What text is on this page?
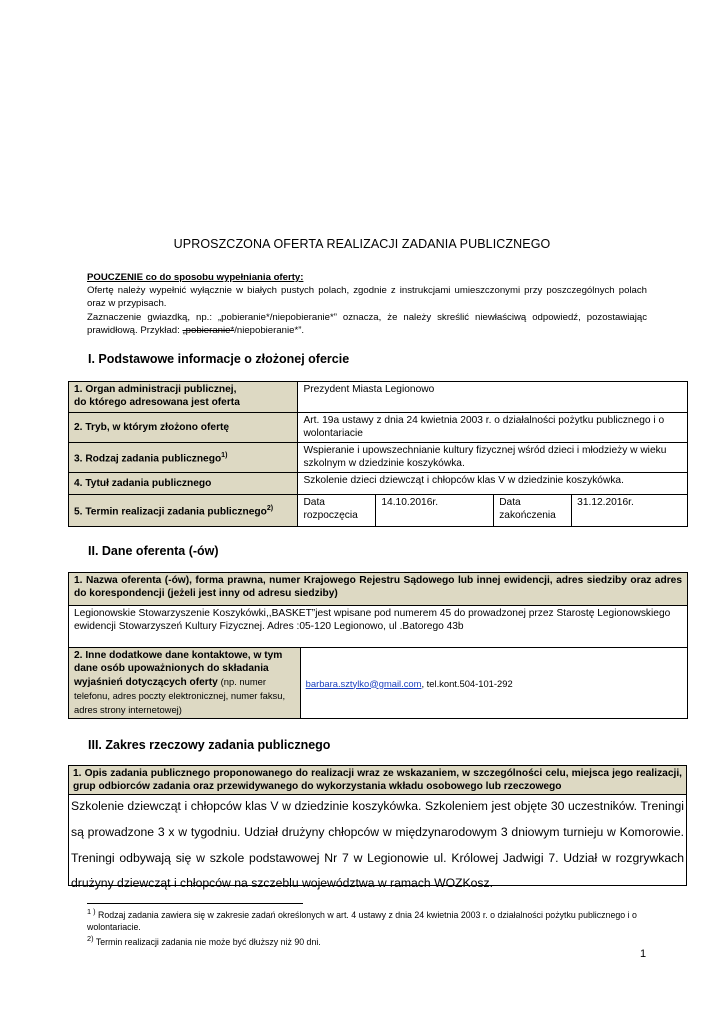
UPROSZCZONA OFERTA REALIZACJI ZADANIA PUBLICZNEGO

POUCZENIE co do sposobu wypełniania oferty:

Ofertę należy wypełnić wyłącznie w białych pustych polach, zgodnie z instrukcjami umieszczonymi przy poszczególnych polach oraz w przypisach.

Zaznaczenie gwiazdką, np.: „pobieranie*/niepobieranie*” oznacza, że należy skreślić niewłaściwą odpowiedź, pozostawiając prawidłową. Przykład: „pobieranie*/niepobieranie*”.

I. Podstawowe informacje o złożonej ofercie
1. Organ administracji publicznej,
do którego adresowana jest oferta	Prezydent Miasta Legionowo			
2. Tryb, w którym złożono ofertę	Art. 19a ustawy z dnia 24 kwietnia 2003 r. o działalności pożytku publicznego i o wolontariacie			
3. Rodzaj zadania publicznego$^{1)}$	Wspieranie i upowszechnianie kultury fizycznej wśród dzieci i młodzieży w wieku szkolnym w dziedzinie koszykówka.			
4. Tytuł zadania publicznego	Szkolenie dzieci dziewcząt i chłopców klas V w dziedzinie koszykówka.			
5. Termin realizacji zadania publicznego$^{2)}$	Data rozpoczęcia	14.10.2016r.	Data zakończenia	31.12.2016r.
II. Dane oferenta (-ów)
1. Nazwa oferenta (-ów), forma prawna, numer Krajowego Rejestru Sądowego lub innej ewidencji, adres siedziby oraz adres do korespondencji (jeżeli jest inny od adresu siedziby)
Legionowskie Stowarzyszenie Koszykówki,,BASKET”jest wpisane pod numerem 45 do prowadzonej przez Starostę Legionowskiego ewidencji Stowarzyszeń Kultury Fizycznej. Adres :05-120 Legionowo, ul .Batorego 43b
2. Inne dodatkowe dane kontaktowe, w tym dane osób upoważnionych do składania wyjaśnień dotyczących oferty (np. numer telefonu, adres poczty elektronicznej, numer faksu, adres strony internetowej)	barbara.sztylko@gmail.com, tel.kont.504-101-292
III. Zakres rzeczowy zadania publicznego
1. Opis zadania publicznego proponowanego do realizacji wraz ze wskazaniem, w szczególności celu, miejsca jego realizacji, grup odbiorców zadania oraz przewidywanego do wykorzystania wkładu osobowego lub rzeczowego
Szkolenie dziewcząt i chłopców klas V w dziedzinie koszykówka. Szkoleniem jest objęte 30 uczestników. Treningi są prowadzone 3 x w tygodniu. Udział drużyny chłopców w międzynarodowym 3 dniowym turnieju w Komorowie. Treningi odbywają się w szkole podstawowej Nr 7 w Legionowie ul. Królowej Jadwigi 7. Udział w rozgrywkach drużyny dziewcząt i chłopców na szczeblu województwa w ramach WOZKosz.
$^{1 )}$ Rodzaj zadania zawiera się w zakresie zadań określonych w art. 4 ustawy z dnia 24 kwietnia 2003 r. o działalności pożytku publicznego i o wolontariacie.
$^{2)}$ Termin realizacji zadania nie może być dłuższy niż 90 dni.
1
